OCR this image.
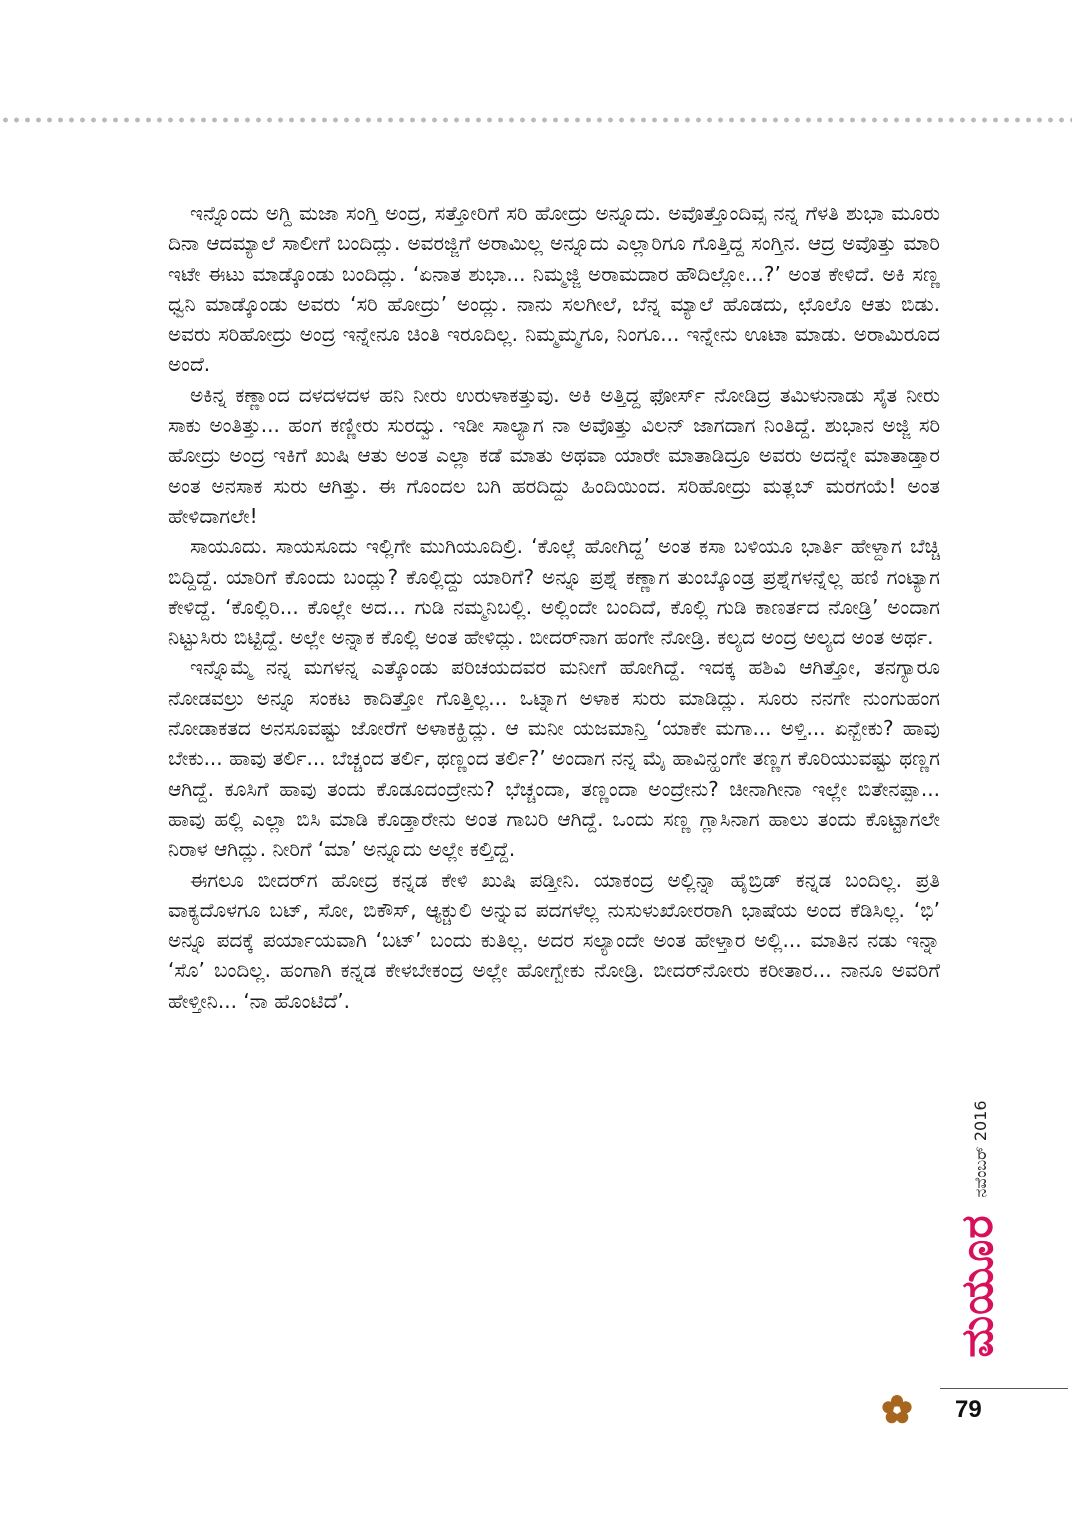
ಇನ್ನೊಂದು ಅಗ್ದಿ ಮಜಾ ಸಂಗ್ತಿ ಅಂದ್ರ, ಸತ್ತೋರಿಗೆ ಸರಿ ಹೋದ್ರು ಅನ್ನೂದು. ಅವೊತ್ತೊಂದಿವ್ಸ ನನ್ನ ಗೆಳತಿ ಶುಭಾ ಮೂರು ದಿನಾ ಆದಮ್ಯಾಲೆ ಸಾಲೀಗೆ ಬಂದಿದ್ಲು. ಅವರಜ್ಜಿಗೆ ಅರಾಮಿಲ್ಲ ಅನ್ನೂದು ಎಲ್ಲಾರಿಗೂ ಗೊತ್ತಿದ್ದ ಸಂಗ್ತಿನ. ಆದ್ರ ಅವೊತ್ತು ಮಾರಿ ಇಟೇ ಈಟು ಮಾಡ್ಕೊಂಡು ಬಂದಿದ್ಲು. ‘ಏನಾತ ಶುಭಾ... ನಿಮ್ಮಜ್ಜಿ ಅರಾಮದಾರ ಹೌದಿಲ್ಲೋ...?’ ಅಂತ ಕೇಳಿದೆ. ಅಕಿ ಸಣ್ಣ ಧ್ವನಿ ಮಾಡ್ಕೊಂಡು ಅವರು ‘ಸರಿ ಹೋದ್ರು’ ಅಂದ್ಲು. ನಾನು ಸಲಗೀಲೆ, ಬೆನ್ನ ಮ್ಯಾಲೆ ಹೊಡದು, ಛೊಲೊ ಆತು ಬಿಡು. ಅವರು ಸರಿಹೋದ್ರು ಅಂದ್ರ ಇನ್ನೇನೂ ಚಿಂತಿ ಇರೂದಿಲ್ಲ. ನಿಮ್ಮಮ್ಮಗೂ, ನಿಂಗೂ... ಇನ್ನೇನು ಊಟಾ ಮಾಡು. ಅರಾಮಿರೂದ ಅಂದೆ.

ಅಕಿನ್ನ ಕಣ್ಣಾಂದ ದಳದಳದಳ ಹನಿ ನೀರು ಉರುಳಾಕತ್ತುವು. ಅಕಿ ಅತ್ತಿದ್ದ ಫೋರ್ಸ್ ನೋಡಿದ್ರ ತಮಿಳುನಾಡು ಸೈತ ನೀರು ಸಾಕು ಅಂತಿತ್ತು... ಹಂಗ ಕಣ್ಣೀರು ಸುರದ್ವು. ಇಡೀ ಸಾಲ್ಯಾಗ ನಾ ಅವೊತ್ತು ವಿಲನ್ ಜಾಗದಾಗ ನಿಂತಿದ್ದೆ. ಶುಭಾನ ಅಜ್ಜಿ ಸರಿ ಹೋದ್ರು ಅಂದ್ರ ಇಕಿಗೆ ಖುಷಿ ಆತು ಅಂತ ಎಲ್ಲಾ ಕಡೆ ಮಾತು ಅಥವಾ ಯಾರೇ ಮಾತಾಡಿದ್ರೂ ಅವರು ಅದನ್ನೇ ಮಾತಾಡ್ತಾರ ಅಂತ ಅನಸಾಕ ಸುರು ಆಗಿತ್ತು. ಈ ಗೊಂದಲ ಬಗಿ ಹರದಿದ್ದು ಹಿಂದಿಯಿಂದ. ಸರಿಹೋದ್ರು ಮತ್ಲಬ್ ಮರಗಯೆ! ಅಂತ ಹೇಳಿದಾಗಲೇ!

ಸಾಯೂದು. ಸಾಯಸೂದು ಇಲ್ಲಿಗೇ ಮುಗಿಯೂದಿಲ್ರಿ. ‘ಕೊಲ್ಲೆ ಹೋಗಿದ್ದ’ ಅಂತ ಕಸಾ ಬಳಿಯೂ ಭಾರ್ತಿ ಹೇಳ್ದಾಗ ಬೆಚ್ಚಿ ಬಿದ್ದಿದ್ದೆ. ಯಾರಿಗೆ ಕೊಂದು ಬಂದ್ಲು? ಕೊಲ್ಲಿದ್ದು ಯಾರಿಗೆ? ಅನ್ನೂ ಪ್ರಶ್ನೆ ಕಣ್ಣಾಗ ತುಂಬ್ಕೊಂಡ್ರ ಪ್ರಶ್ನೆಗಳನ್ನೆಲ್ಲ ಹಣಿ ಗಂಟ್ಯಾಗ ಕೇಳಿದ್ದೆ. ‘ಕೊಲ್ಲಿರಿ... ಕೊಲ್ಲೇ ಅದ... ಗುಡಿ ನಮ್ಮನಿಬಲ್ಲಿ. ಅಲ್ಲಿಂದೇ ಬಂದಿದೆ, ಕೊಲ್ಲಿ ಗುಡಿ ಕಾಣರ್ತದ ನೋಡ್ರಿ’ ಅಂದಾಗ ನಿಟ್ಟುಸಿರು ಬಿಟ್ಟಿದ್ದೆ. ಅಲ್ಲೇ ಅನ್ನಾಕ ಕೊಲ್ಲಿ ಅಂತ ಹೇಳಿದ್ಲು. ಬೀದರ್‌ನಾಗ ಹಂಗೇ ನೋಡ್ರಿ. ಕಲ್ಯದ ಅಂದ್ರ ಅಲ್ಯದ ಅಂತ ಅರ್ಥ.

ಇನ್ನೊಮ್ಮೆ ನನ್ನ ಮಗಳನ್ನ ಎತ್ಕೊಂಡು ಪರಿಚಯದವರ ಮನೀಗೆ ಹೋಗಿದ್ದೆ. ಇದಕ್ಕ ಹಶಿವಿ ಆಗಿತ್ತೋ, ತನಗ್ಯಾರೂ ನೋಡವಲ್ರು ಅನ್ನೂ ಸಂಕಟ ಕಾದಿತ್ತೋ ಗೊತ್ತಿಲ್ಲ... ಒಟ್ನಾಗ ಅಳಾಕ ಸುರು ಮಾಡಿದ್ಲು. ಸೂರು ನನಗೇ ನುಂಗುಹಂಗ ನೋಡಾಕತದ ಅನಸೂವಷ್ಟು ಜೋರೆಗೆ ಅಳಾಕಕ್ಹಿದ್ಲು. ಆ ಮನೀ ಯಜಮಾನ್ತಿ ‘ಯಾಕೇ ಮಗಾ... ಅಳ್ತಿ... ಏನ್ಬೇಕು? ಹಾವು ಬೇಕು... ಹಾವು ತರ್ಲಿ... ಬೆಚ್ಚಂದ ತರ್ಲಿ, ಥಣ್ಣಂದ ತರ್ಲಿ?’ ಅಂದಾಗ ನನ್ನ ಮೈ ಹಾವಿನ್ಹಂಗೇ ತಣ್ಣಗ ಕೊರಿಯುವಷ್ಟು ಥಣ್ಣಗ ಆಗಿದ್ದೆ. ಕೂಸಿಗೆ ಹಾವು ತಂದು ಕೊಡೂದಂದ್ರೇನು? ಭೆಚ್ಚಂದಾ, ತಣ್ಣಂದಾ ಅಂದ್ರೇನು? ಚೀನಾಗೀನಾ ಇಲ್ಲೇ ಬಿತೇನಪ್ಪಾ... ಹಾವು ಹಲ್ಲಿ ಎಲ್ಲಾ ಬಿಸಿ ಮಾಡಿ ಕೊಡ್ತಾರೇನು ಅಂತ ಗಾಬರಿ ಆಗಿದ್ದೆ. ಒಂದು ಸಣ್ಣ ಗ್ಲಾಸಿನಾಗ ಹಾಲು ತಂದು ಕೊಟ್ಟಾಗಲೇ ನಿರಾಳ ಆಗಿದ್ಲು. ನೀರಿಗೆ ‘ಮಾ’ ಅನ್ನೂದು ಅಲ್ಲೇ ಕಲ್ತಿದ್ದೆ.

ಈಗಲೂ ಬೀದರ್‌ಗ ಹೋದ್ರ ಕನ್ನಡ ಕೇಳಿ ಖುಷಿ ಪಡ್ತೀನಿ. ಯಾಕಂದ್ರ ಅಲ್ಲಿನ್ನಾ ಹೈಬ್ರಿಡ್ ಕನ್ನಡ ಬಂದಿಲ್ಲ. ಪ್ರತಿ ವಾಕ್ಯದೊಳಗೂ ಬಟ್, ಸೋ, ಬಿಕೌಸ್, ಆ್ಯಕ್ಚುಲಿ ಅನ್ನುವ ಪದಗಳೆಲ್ಲ ನುಸುಳುಖೋರರಾಗಿ ಭಾಷೆಯ ಅಂದ ಕೆಡಿಸಿಲ್ಲ. ‘ಭಿ’ ಅನ್ನೂ ಪದಕ್ಕೆ ಪರ್ಯಾಯವಾಗಿ ‘ಬಟ್’ ಬಂದು ಕುತಿಲ್ಲ. ಅದರ ಸಲ್ಯಾಂದೇ ಅಂತ ಹೇಳ್ತಾರ ಅಲ್ಲಿ... ಮಾತಿನ ನಡು ಇನ್ನಾ ‘ಸೊ’ ಬಂದಿಲ್ಲ. ಹಂಗಾಗಿ ಕನ್ನಡ ಕೇಳಬೇಕಂದ್ರ ಅಲ್ಲೇ ಹೋಗ್ಬೇಕು ನೋಡ್ರಿ. ಬೀದರ್‌ನೋರು ಕರೀತಾರ... ನಾನೂ ಅವರಿಗೆ ಹೇಳ್ತೀನಿ... ‘ನಾ ಹೊಂಟಿದೆ’.

ನವೆಂಬರ್ 2016
ಮಯೂರ
79
